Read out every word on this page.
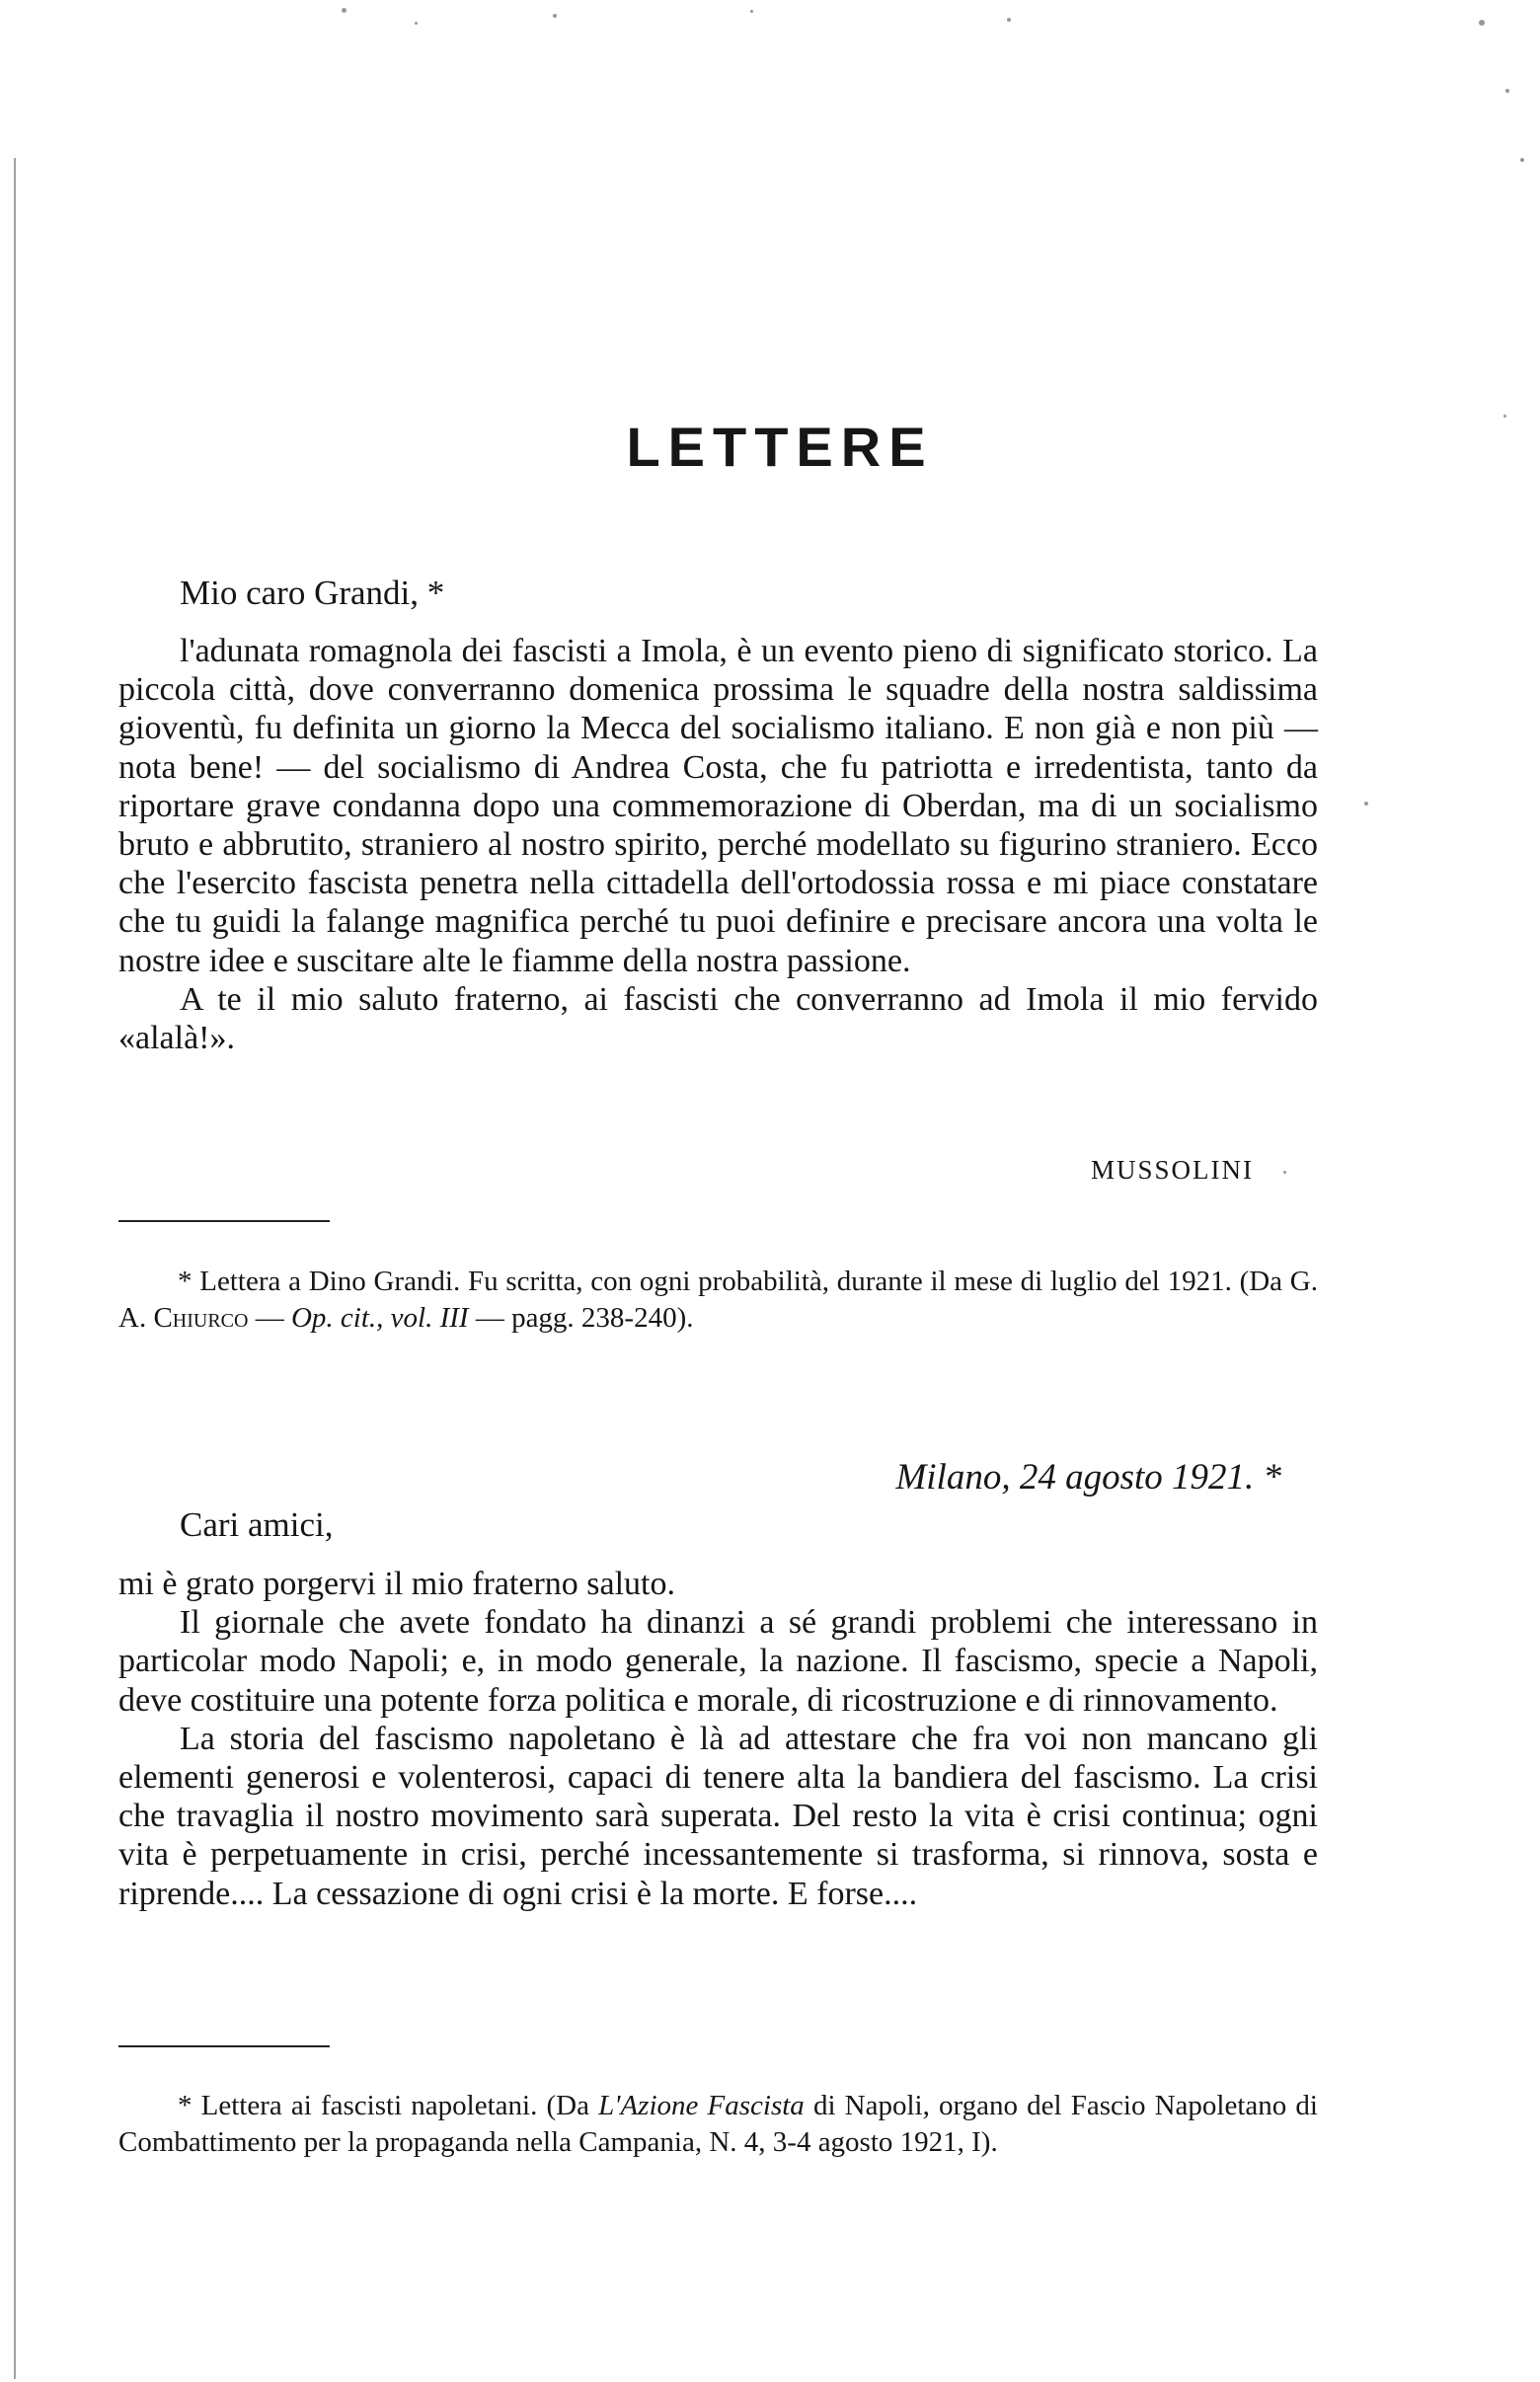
LETTERE
Mio caro Grandi, *

l'adunata romagnola dei fascisti a Imola, è un evento pieno di significato storico. La piccola città, dove converranno domenica prossima le squadre della nostra saldissima gioventù, fu definita un giorno la Mecca del socialismo italiano. E non già e non più — nota bene! — del socialismo di Andrea Costa, che fu patriotta e irredentista, tanto da riportare grave condanna dopo una commemorazione di Oberdan, ma di un socialismo bruto e abbrutito, straniero al nostro spirito, perché modellato su figurino straniero. Ecco che l'esercito fascista penetra nella cittadella dell'ortodossia rossa e mi piace constatare che tu guidi la falange magnifica perché tu puoi definire e precisare ancora una volta le nostre idee e suscitare alte le fiamme della nostra passione.

A te il mio saluto fraterno, ai fascisti che converranno ad Imola il mio fervido «alalà!».

MUSSOLINI

* Lettera a Dino Grandi. Fu scritta, con ogni probabilità, durante il mese di luglio del 1921. (Da G. A. Chiurco — Op. cit., vol. III — pagg. 238-240).

Milano, 24 agosto 1921. *
Cari amici,

mi è grato porgervi il mio fraterno saluto.

Il giornale che avete fondato ha dinanzi a sé grandi problemi che interessano in particolar modo Napoli; e, in modo generale, la nazione. Il fascismo, specie a Napoli, deve costituire una potente forza politica e morale, di ricostruzione e di rinnovamento.

La storia del fascismo napoletano è là ad attestare che fra voi non mancano gli elementi generosi e volenterosi, capaci di tenere alta la bandiera del fascismo. La crisi che travaglia il nostro movimento sarà superata. Del resto la vita è crisi continua; ogni vita è perpetuamente in crisi, perché incessantemente si trasforma, si rinnova, sosta e riprende.... La cessazione di ogni crisi è la morte. E forse....

* Lettera ai fascisti napoletani. (Da L'Azione Fascista di Napoli, organo del Fascio Napoletano di Combattimento per la propaganda nella Campania, N. 4, 3-4 agosto 1921, I).
